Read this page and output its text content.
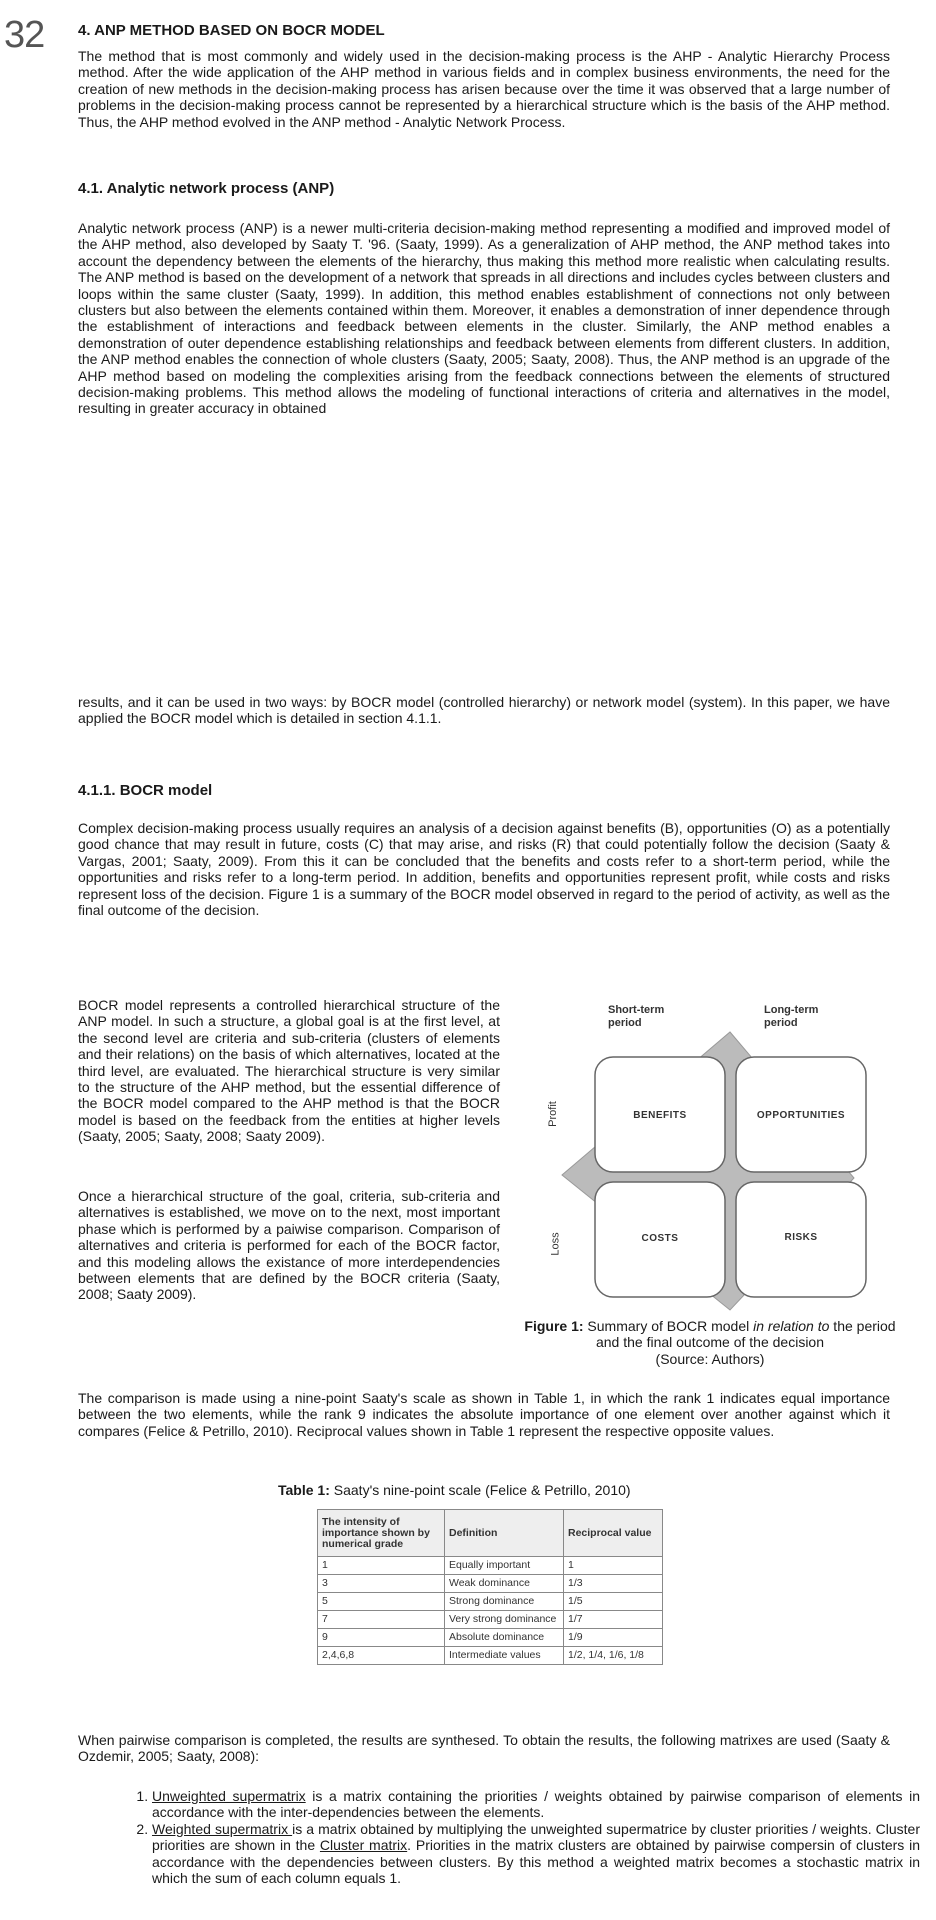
32 4. ANP METHOD BASED ON BOCR MODEL
The method that is most commonly and widely used in the decision-making process is the AHP - Analytic Hierarchy Process method. After the wide application of the AHP method in various fields and in complex business environments, the need for the creation of new methods in the decision-making process has arisen because over the time it was observed that a large number of problems in the decision-making process cannot be represented by a hierarchical structure which is the basis of the AHP method. Thus, the AHP method evolved in the ANP method - Analytic Network Process.
4.1. Analytic network process (ANP)
Analytic network process (ANP) is a newer multi-criteria decision-making method representing a modified and improved model of the AHP method, also developed by Saaty T. '96. (Saaty, 1999). As a generalization of AHP method, the ANP method takes into account the dependency between the elements of the hierarchy, thus making this method more realistic when calculating results. The ANP method is based on the development of a network that spreads in all directions and includes cycles between clusters and loops within the same cluster (Saaty, 1999). In addition, this method enables establishment of connections not only between clusters but also between the elements contained within them. Moreover, it enables a demonstration of inner dependence through the establishment of interactions and feedback between elements in the cluster. Similarly, the ANP method enables a demonstration of outer dependence establishing relationships and feedback between elements from different clusters. In addition, the ANP method enables the connection of whole clusters (Saaty, 2005; Saaty, 2008). Thus, the ANP method is an upgrade of the AHP method based on modeling the complexities arising from the feedback connections between the elements of structured decision-making problems. This method allows the modeling of functional interactions of criteria and alternatives in the model, resulting in greater accuracy in obtained
results, and it can be used in two ways: by BOCR model (controlled hierarchy) or network model (system). In this paper, we have applied the BOCR model which is detailed in section 4.1.1.
4.1.1. BOCR model
Complex decision-making process usually requires an analysis of a decision against benefits (B), opportunities (O) as a potentially good chance that may result in future, costs (C) that may arise, and risks (R) that could potentially follow the decision (Saaty & Vargas, 2001; Saaty, 2009). From this it can be concluded that the benefits and costs refer to a short-term period, while the opportunities and risks refer to a long-term period. In addition, benefits and opportunities represent profit, while costs and risks represent loss of the decision. Figure 1 is a summary of the BOCR model observed in regard to the period of activity, as well as the final outcome of the decision.
BOCR model represents a controlled hierarchical structure of the ANP model. In such a structure, a global goal is at the first level, at the second level are criteria and sub-criteria (clusters of elements and their relations) on the basis of which alternatives, located at the third level, are evaluated. The hierarchical structure is very similar to the structure of the AHP method, but the essential difference of the BOCR model compared to the AHP method is that the BOCR model is based on the feedback from the entities at higher levels (Saaty, 2005; Saaty, 2008; Saaty 2009).
Once a hierarchical structure of the goal, criteria, sub-criteria and alternatives is established, we move on to the next, most important phase which is performed by a paiwise comparison. Comparison of alternatives and criteria is performed for each of the BOCR factor, and this modeling allows the existance of more interdependencies between elements that are defined by the BOCR criteria (Saaty, 2008; Saaty 2009).
Short-term period
Long-term period
Profit
Loss
BENEFITS	OPPORTUNITIES
COSTS	RISKS
Figure 1: Summary of BOCR model in relation to the period and the final outcome of the decision
(Source: Authors)
The comparison is made using a nine-point Saaty's scale as shown in Table 1, in which the rank 1 indicates equal importance between the two elements, while the rank 9 indicates the absolute importance of one element over another against which it compares (Felice & Petrillo, 2010). Reciprocal values shown in Table 1 represent the respective opposite values.
Table 1: Saaty's nine-point scale (Felice & Petrillo, 2010)
The intensity of importance shown by numerical grade	Definition	Reciprocal value
1	Equally important	1
3	Weak dominance	1/3
5	Strong dominance	1/5
7	Very strong dominance	1/7
9	Absolute dominance	1/9
2,4,6,8	Intermediate values	1/2, 1/4, 1/6, 1/8
When pairwise comparison is completed, the results are synthesed. To obtain the results, the following matrixes are used (Saaty & Ozdemir, 2005; Saaty, 2008):
1. Unweighted supermatrix is a matrix containing the priorities / weights obtained by pairwise comparison of elements in accordance with the inter-dependencies between the elements.
2. Weighted supermatrix is a matrix obtained by multiplying the unweighted supermatrice by cluster priorities / weights. Cluster priorities are shown in the Cluster matrix. Priorities in the matrix clusters are obtained by pairwise compersin of clusters in accordance with the dependencies between clusters. By this method a weighted matrix becomes a stochastic matrix in which the sum of each column equals 1.
